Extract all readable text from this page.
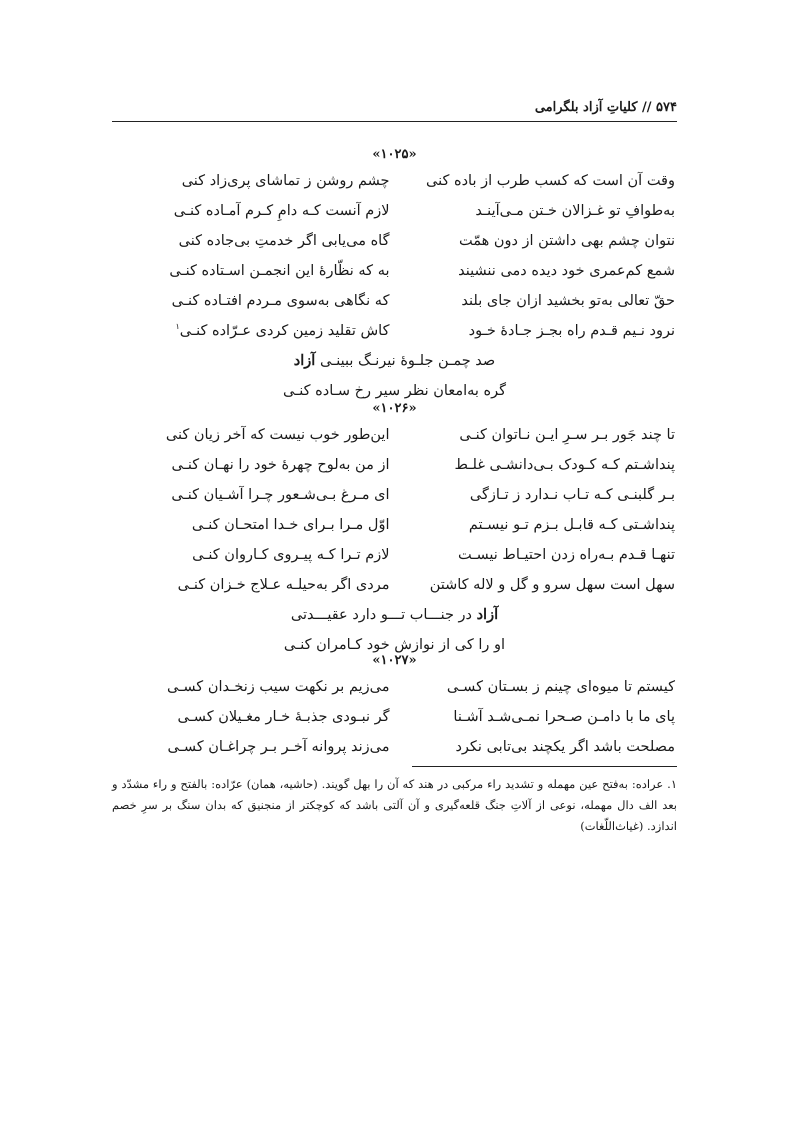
۵۷۴ // کلیاتِ آزاد بلگرامی
«۱۰۲۵»
وقت آن است که کسب طرب از باده کنی
چشم روشن ز تماشای پری‌زاد کنی
به‌طوافِ تو غـزالان خـتن مـی‌آینـد
لازم آنست کـه دامِ کـرم آمـاده کنـی
نتوان چشم بهی داشتن از دون همّت
گاه می‌یابی اگر خدمتِ بی‌جاده کنی
شمع کم‌عمری خود دیده دمی ننشیند
به که نظّارهٔ این انجمـن اسـتاده کنـی
حقّ تعالی به‌تو بخشید ازان جای بلند
که نگاهی به‌سوی مـردم افتـاده کنـی
نرود نـیم قـدم راه بجـز جـادهٔ خـود
کاش تقلید زمین کردی عـرّاده کنـی$^۱$
صد چمـن جلـوهٔ نیرنـگ ببینـی آزاد
گره به‌امعان نظر سیر رخ سـاده کنـی
«۱۰۲۶»
تا چند جَور بـر سـرِ ایـن نـاتوان کنـی
این‌طور خوب نیست که آخر زیان کنی
پنداشـتم کـه کـودک بـی‌دانشـی غلـط
از من به‌لوح چهرهٔ خود را نهـان کنـی
بـر گلبنـی کـه تـاب نـدارد ز تـازگی
ای مـرغ بـی‌شـعور چـرا آشـیان کنـی
پنداشـتی کـه قابـل بـزم تـو نیسـتم
اوّل مـرا بـرای خـدا امتحـان کنـی
تنهـا قـدم بـه‌راه زدن احتیـاط نیسـت
لازم تـرا کـه پیـروی کـاروان کنـی
سهل است سهل سرو و گل و لاله کاشتن
مردی اگر به‌حیلـه عـلاج خـزان کنـی
آزاد در جنـــاب تـــو دارد عقیـــدتی
او را کی از نوازش خود کـامران کنـی
«۱۰۲۷»
کیستم تا میوه‌ای چینم ز بسـتان کسـی
می‌زیم بر نکهت سیب زنخـدان کسـی
پای ما با دامـن صـحرا نمـی‌شـد آشـنا
گر نبـودی جذبـهٔ خـار مغـیلان کسـی
مصلحت باشد اگر یکچند بی‌تابی نکرد
می‌زند پروانه آخـر بـر چراغـان کسـی
۱. عراده: به‌فتح عین مهمله و تشدید راء مرکبی در هند که آن را بهل گویند. (حاشیه، همان) عرّاده: بالفتح و راء مشدّد و بعد الف دال مهمله، نوعی از آلاتِ جنگ قلعه‌گیری و آن آلتی باشد که کوچکتر از منجنیق که بدان سنگ بر سرِ خصم اندازد. (غیاث‌اللّغات)
